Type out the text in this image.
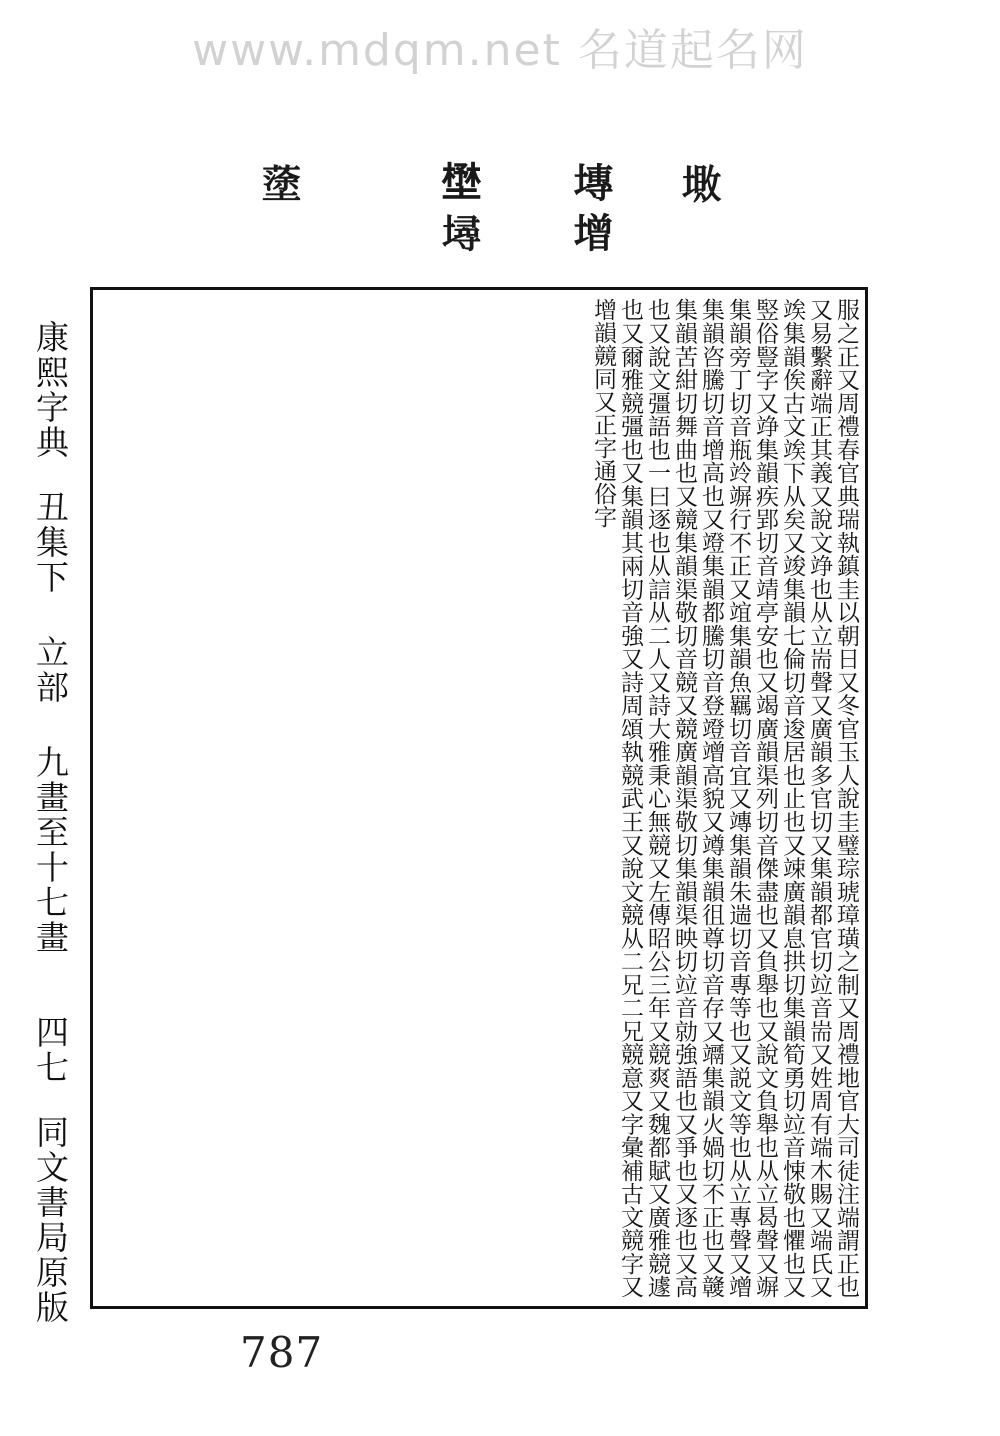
www.mdqm.net 名道起名网
𡏯
塼 增
𡐨 𡑎
𡒎
康熙字典
丑集下
立部
九畫至十七畫
四七
同文書局原版	服之正又周禮春官典瑞執鎮圭以朝日又冬官玉人說圭璧琮琥璋璜之制又周禮地官大司徒注端謂正也又易繫辭端正其義又說文竫也从立耑聲又廣韻多官切又集韻都官切竝音耑又姓周有端木賜又端氏又竢集韻俟古文竢下从矣又竣集韻七倫切音逡居也止也又竦廣韻息拱切集韻筍勇切竝音悚敬也懼也又竪俗豎字又竫集韻疾郢切音靖亭安也又竭廣韻渠列切音傑盡也又負舉也又說文負舉也从立曷聲又竮集韻旁丁切音瓶竛竮行不正又竩集韻魚羈切音宜又竱集韻朱遄切音專等也又説文等也从立專聲又竲集韻咨騰切音增高也又竳集韻都騰切音登竳竲高貌又竴集韻徂尊切音存又竵集韻火媧切不正也又竷集韻苦紺切舞曲也又竸集韻渠敬切音競又競廣韻渠敬切集韻渠映切竝音勍強語也又爭也又逐也又高也又說文彊語也一曰逐也从誩从二人又詩大雅秉心無競又左傳昭公三年又競爽又魏都賦又廣雅競遽也又爾雅競彊也又集韻其兩切音強又詩周頌執競武王又說文競从二兄二兄競意又字彙補古文競字又增韻竸同又正字通俗字
787
